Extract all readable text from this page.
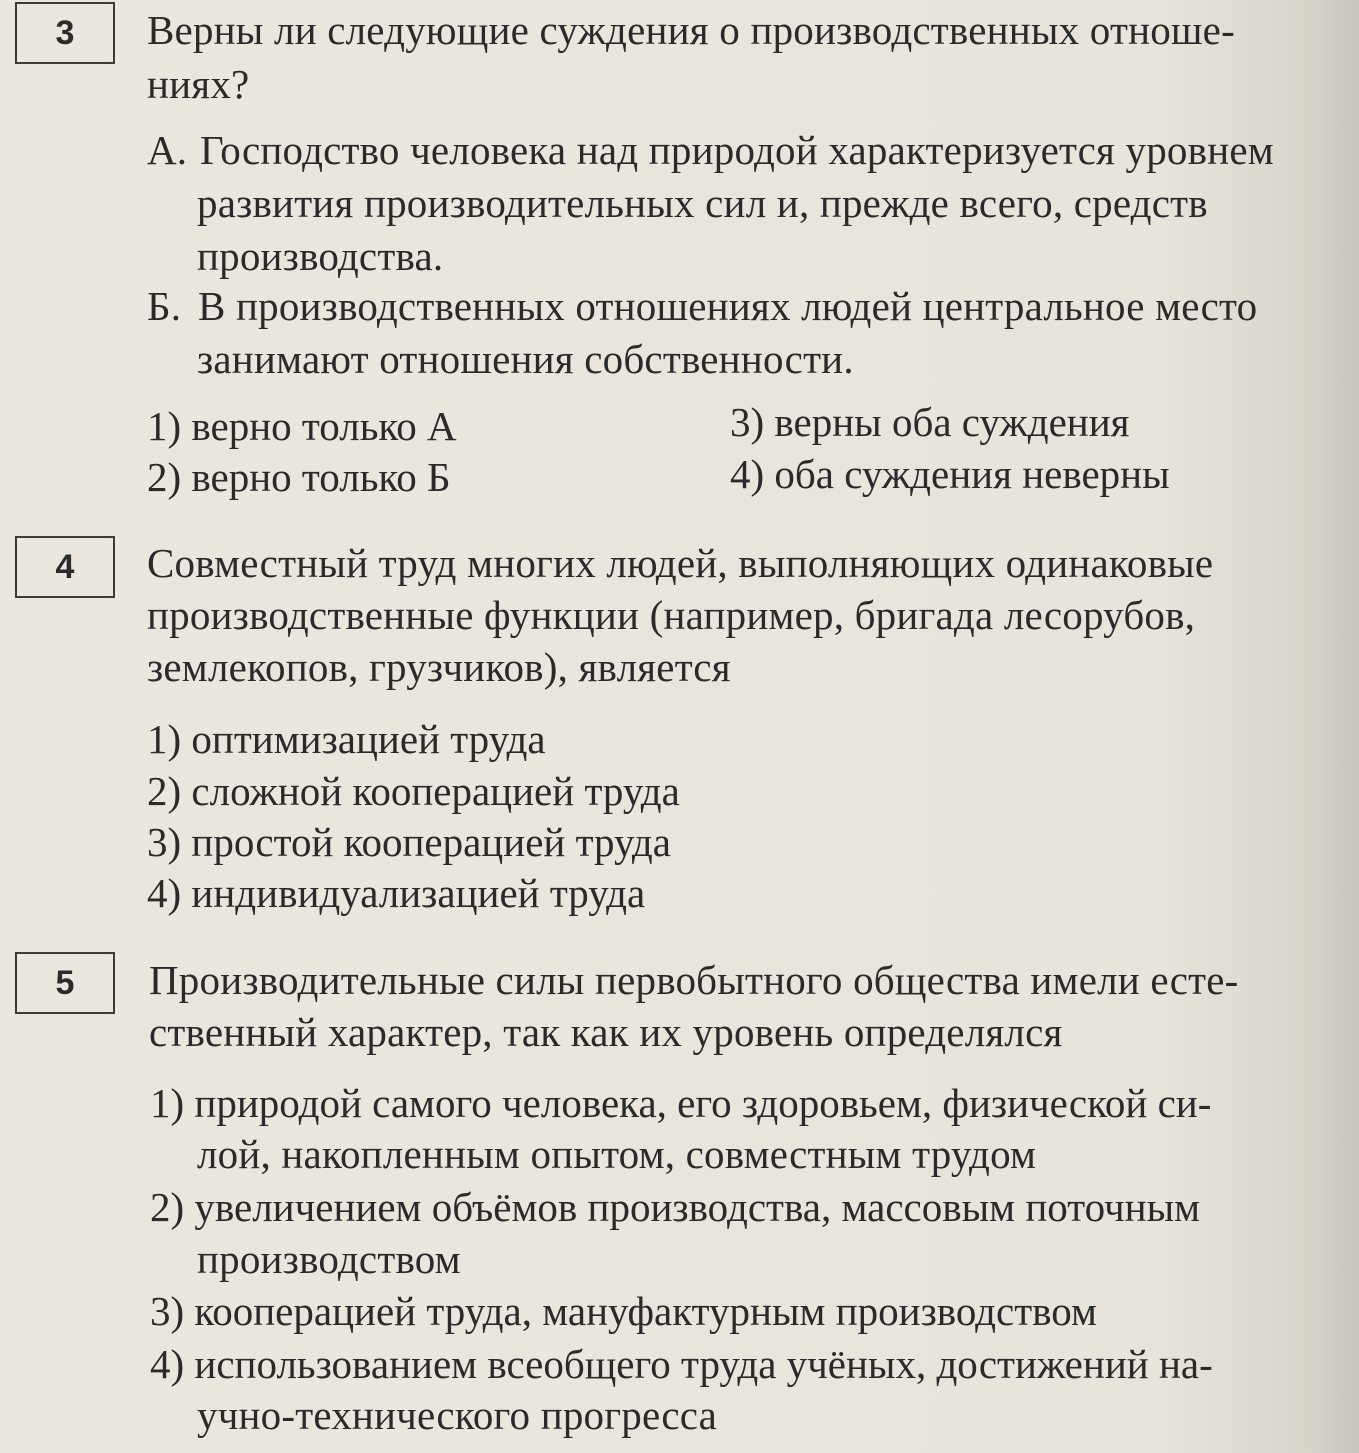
3 Верны ли следующие суждения о производственных отноше-
ниях?
А. Господство человека над природой характеризуется уровнем
развития производительных сил и, прежде всего, средств
производства.
Б. В производственных отношениях людей центральное место
занимают отношения собственности.
1) верно только А
2) верно только Б
3) верны оба суждения
4) оба суждения неверны
4 Совместный труд многих людей, выполняющих одинаковые
производственные функции (например, бригада лесорубов,
землекопов, грузчиков), является
1) оптимизацией труда
2) сложной кооперацией труда
3) простой кооперацией труда
4) индивидуализацией труда
5 Производительные силы первобытного общества имели есте-
ственный характер, так как их уровень определялся
1) природой самого человека, его здоровьем, физической си-
лой, накопленным опытом, совместным трудом
2) увеличением объёмов производства, массовым поточным
производством
3) кооперацией труда, мануфактурным производством
4) использованием всеобщего труда учёных, достижений на-
учно-технического прогресса
